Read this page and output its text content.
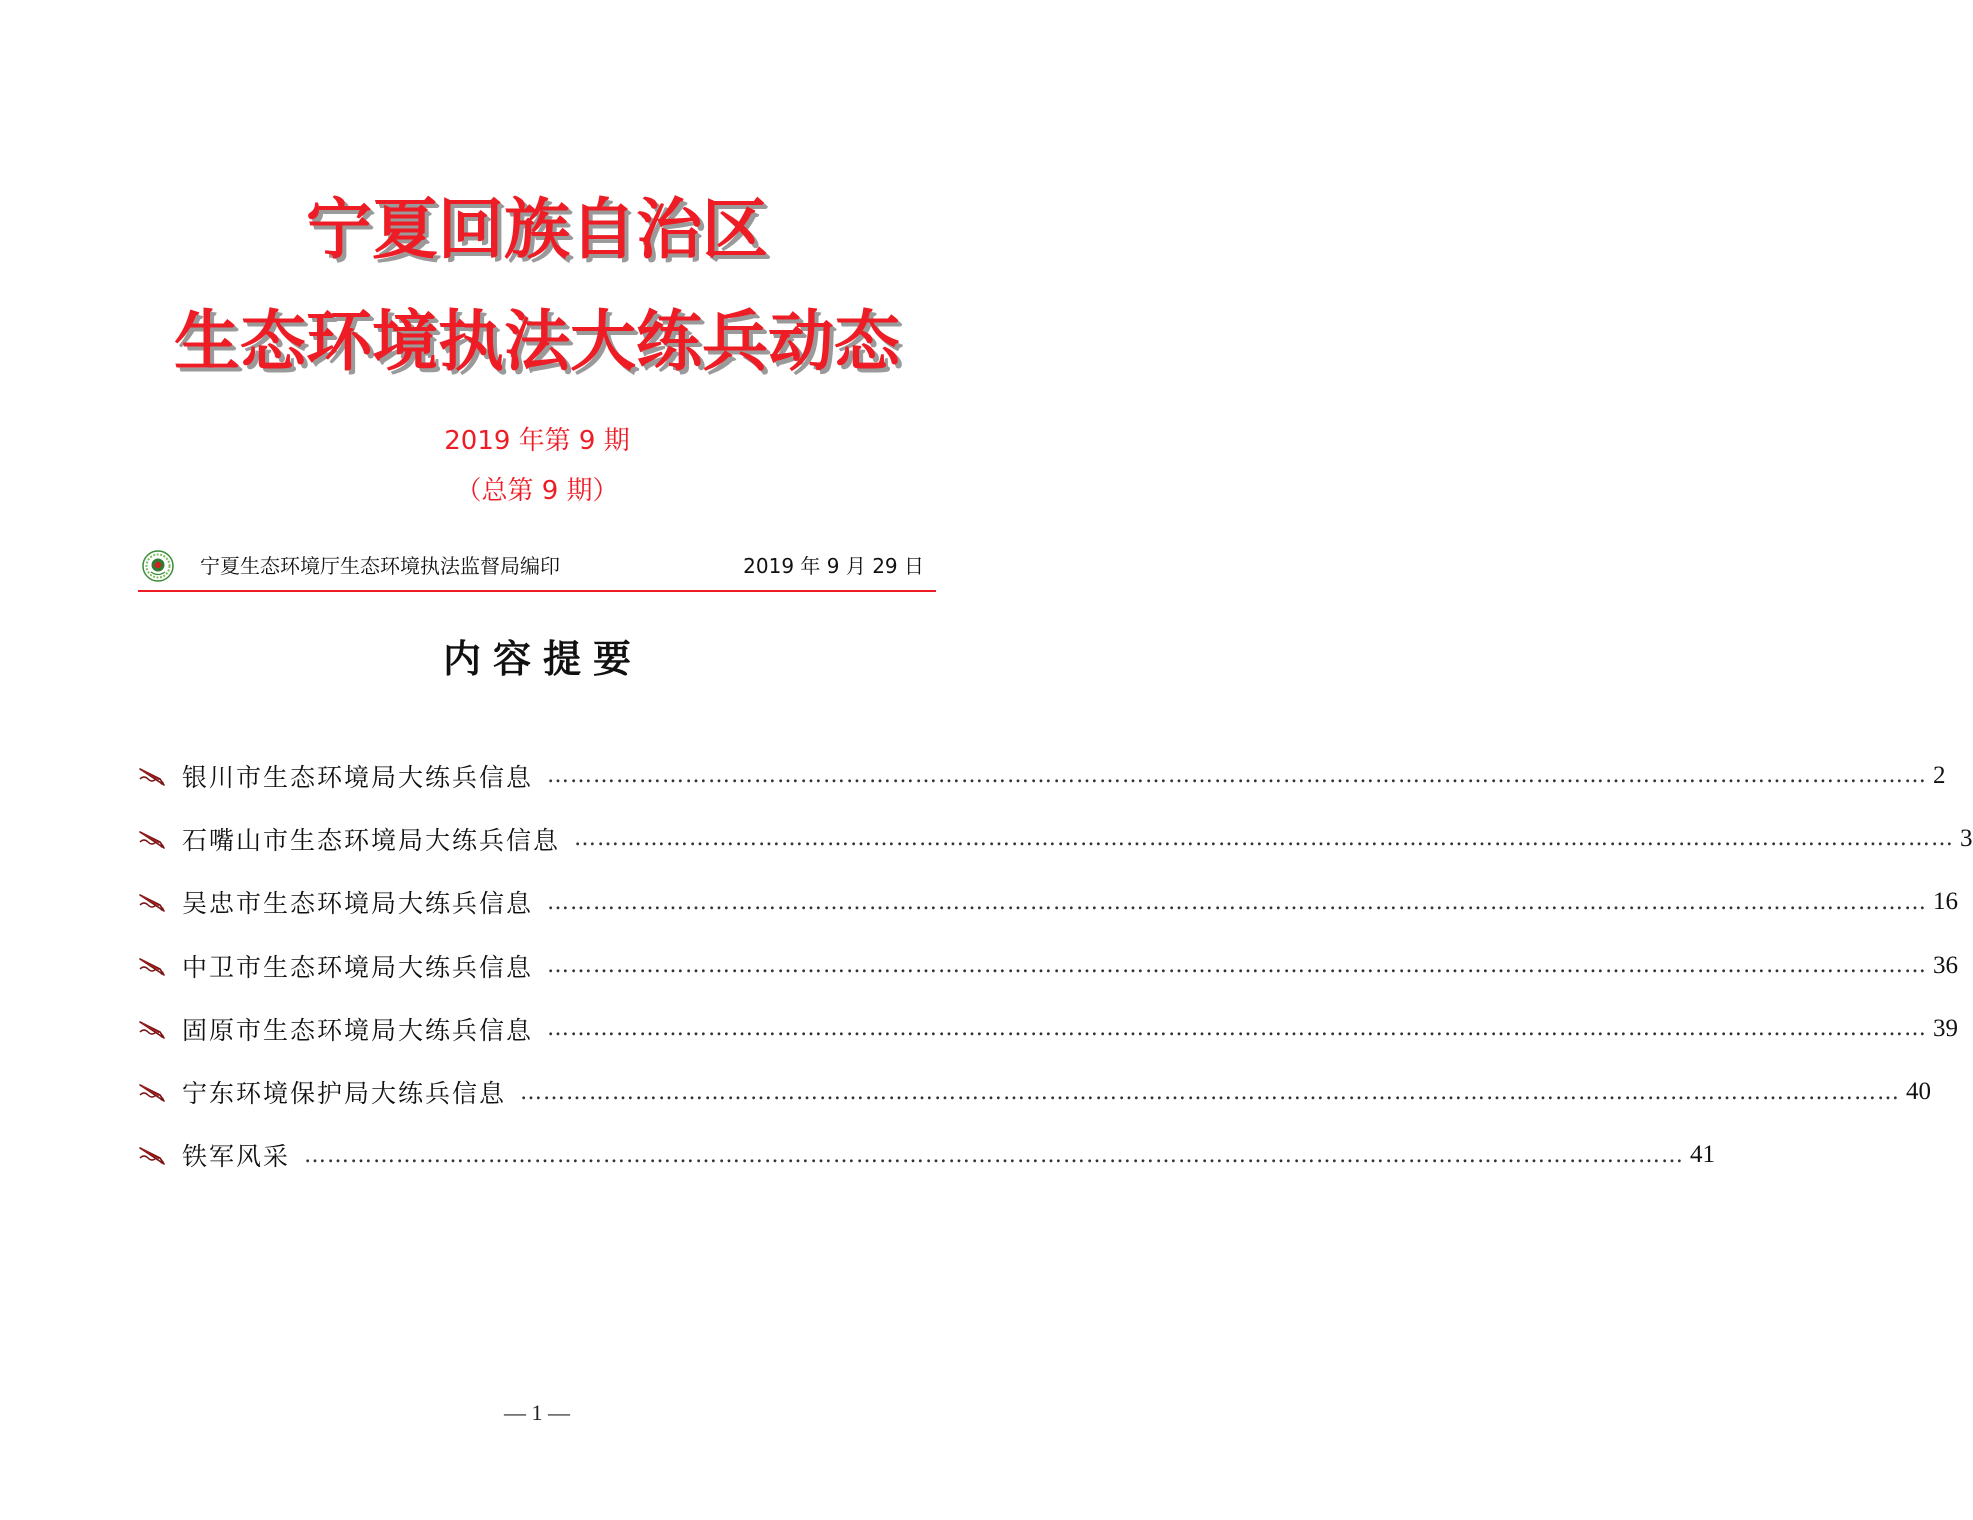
宁夏回族自治区
生态环境执法大练兵动态
2019 年第 9 期
（总第 9 期）
宁夏生态环境厅生态环境执法监督局编印	2019 年 9 月 29 日
内容提要
银川市生态环境局大练兵信息 ……………………………………………………………………………………………………………………………………………………………… 2
石嘴山市生态环境局大练兵信息 ……………………………………………………………………………………………………………………………………………………………… 3
吴忠市生态环境局大练兵信息 ……………………………………………………………………………………………………………………………………………………………… 16
中卫市生态环境局大练兵信息 ……………………………………………………………………………………………………………………………………………………………… 36
固原市生态环境局大练兵信息 ……………………………………………………………………………………………………………………………………………………………… 39
宁东环境保护局大练兵信息 ……………………………………………………………………………………………………………………………………………………………… 40
铁军风采 ……………………………………………………………………………………………………………………………………………………………… 41
— 1 —
